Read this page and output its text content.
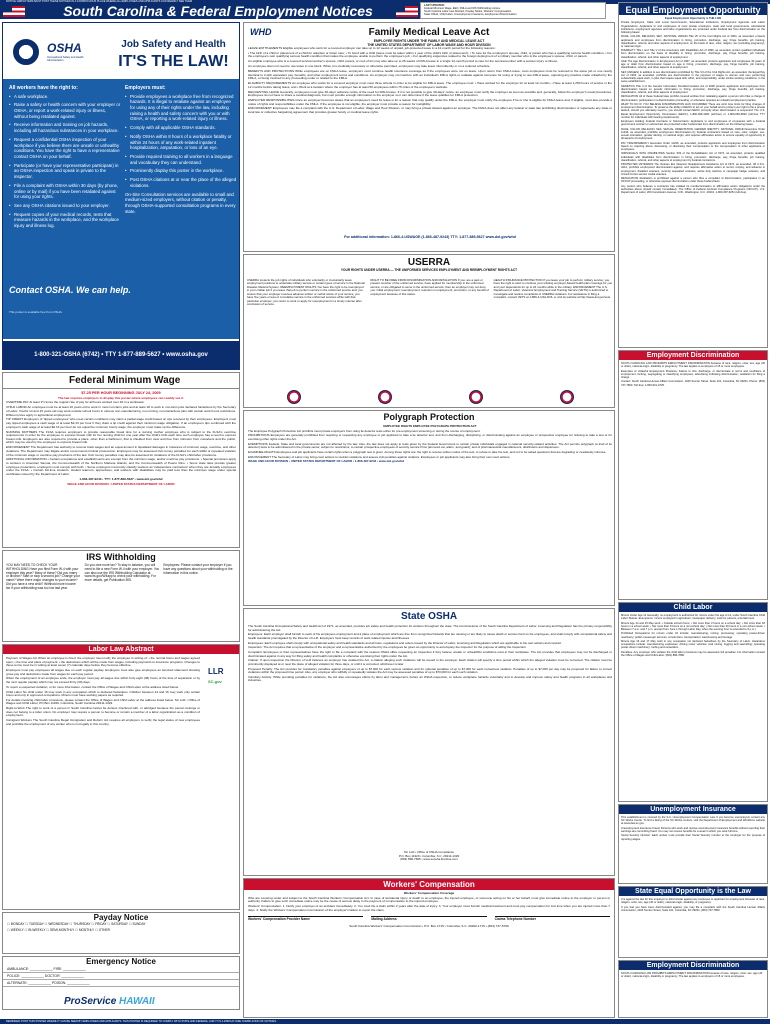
NOTICE: EMPLOYERS MUST POST THESE NOTICES IN A CONSPICUOUS PLACE WHERE ALL EMPLOYEES AND APPLICANTS CAN READILY SEE THEM
South Carolina & Federal Employment Notices	LAST UPDATED:
Federal Minimum Wage, EEO, FMLA and IRS Withholding notices.
South Carolina Labor Law Abstract, Payday Notice, Workers' Compensation.
State OSHA, Child Labor, Unemployment Insurance, Employment Discrimination.
OSHA
Occupational Safety and Health Administration
Job Safety and Health
IT'S THE LAW!
All workers have the right to:
• A safe workplace.
• Raise a safety or health concern with your employer or OSHA, or report a work-related injury or illness, without being retaliated against.
• Receive information and training on job hazards, including all hazardous substances in your workplace.
• Request a confidential OSHA inspection of your workplace if you believe there are unsafe or unhealthy conditions. You have the right to have a representative contact OSHA on your behalf.
• Participate (or have your representative participate) in an OSHA inspection and speak in private to the inspector.
• File a complaint with OSHA within 30 days (by phone, online or by mail) if you have been retaliated against for using your rights.
• See any OSHA citations issued to your employer.
• Request copies of your medical records, tests that measure hazards in the workplace, and the workplace injury and illness log.
Employers must:
• Provide employees a workplace free from recognized hazards. It is illegal to retaliate against an employee for using any of their rights under the law, including raising a health and safety concern with you or with OSHA, or reporting a work-related injury or illness.
• Comply with all applicable OSHA standards.
• Notify OSHA within 8 hours of a workplace fatality or within 24 hours of any work-related inpatient hospitalization, amputation, or loss of an eye.
• Provide required training to all workers in a language and vocabulary they can understand.
• Prominently display this poster in the workplace.
• Post OSHA citations at or near the place of the alleged violations.
On-Site Consultation services are available to small and medium-sized employers, without citation or penalty, through OSHA-supported consultation programs in every state.
This poster is available free from OSHA.
Contact OSHA. We can help.
1-800-321-OSHA (6742) • TTY 1-877-889-5627 • www.osha.gov
WHD	Family Medical Leave Act
EMPLOYEE RIGHTS UNDER THE FAMILY AND MEDICAL LEAVE ACT
THE UNITED STATES DEPARTMENT OF LABOR WAGE AND HOUR DIVISION

LEAVE ENTITLEMENTS Eligible employees who work for a covered employer can take up to 12 weeks of unpaid, job-protected leave in a 12-month period for the following reasons:

• The birth of a child or placement of a child for adoption or foster care; • To bond with a child (leave must be taken within 1 year of the child's birth or placement); • To care for the employee's spouse, child, or parent who has a qualifying serious health condition; • For the employee's own qualifying serious health condition that makes the employee unable to perform the employee's job; • For qualifying exigencies related to the foreign deployment of a military member who is the employee's spouse, child, or parent.

An eligible employee who is a covered servicemember's spouse, child, parent, or next of kin may also take up to 26 weeks of FMLA leave in a single 12-month period to care for the servicemember with a serious injury or illness.

An employee does not need to use leave in one block. When it is medically necessary or otherwise permitted, employees may take leave intermittently or on a reduced schedule.

BENEFITS AND PROTECTIONS While employees are on FMLA leave, employers must continue health insurance coverage as if the employees were not on leave. Upon return from FMLA leave, most employees must be restored to the same job or one nearly identical to it with equivalent pay, benefits, and other employment terms and conditions. An employer may not interfere with an individual's FMLA rights or retaliate against someone for using or trying to use FMLA leave, opposing any practice made unlawful by the FMLA, or being involved in any proceeding under or related to the FMLA.

ELIGIBILITY REQUIREMENTS An employee who works for a covered employer must meet three criteria in order to be eligible for FMLA leave. The employee must: • Have worked for the employer for at least 12 months; • Have at least 1,250 hours of service in the 12 months before taking leave; and • Work at a location where the employer has at least 50 employees within 75 miles of the employee's worksite.

REQUESTING LEAVE Generally, employees must give 30-days' advance notice of the need for FMLA leave. If it is not possible to give 30-days' notice, an employee must notify the employer as soon as possible and, generally, follow the employer's usual procedures. Employees do not have to share a medical diagnosis, but must provide enough information to the employer so it can determine if the leave qualifies for FMLA protection.

EMPLOYER RESPONSIBILITIES Once an employer becomes aware that an employee's need for leave is for a reason that may qualify under the FMLA, the employer must notify the employee if he or she is eligible for FMLA leave and, if eligible, must also provide a notice of rights and responsibilities under the FMLA. If the employee is not eligible, the employer must provide a reason for ineligibility.

ENFORCEMENT Employees may file a complaint with the U.S. Department of Labor, Wage and Hour Division, or may bring a private lawsuit against an employer. The FMLA does not affect any federal or state law prohibiting discrimination or supersede any state or local law or collective bargaining agreement that provides greater family or medical leave rights.

For additional information: 1-866-4-USWAGE (1-866-487-9243) TTY: 1-877-889-5627 www.dol.gov/whd
Equal Employment Opportunity

Equal Employment Opportunity is THE LAW

Private Employers, State and Local Governments, Educational Institutions, Employment Agencies and Labor Organizations: Applicants to and employees of most private employers, state and local governments, educational institutions, employment agencies and labor organizations are protected under Federal law from discrimination on the following bases:

RACE, COLOR, RELIGION, SEX, NATIONAL ORIGIN Title VII of the Civil Rights Act of 1964, as amended, protects applicants and employees from discrimination in hiring, promotion, discharge, pay, fringe benefits, job training, classification, referral, and other aspects of employment, on the basis of race, color, religion, sex (including pregnancy), or national origin.

DISABILITY Title I and Title V of the Americans with Disabilities Act of 1990, as amended, protect qualified individuals from discrimination on the basis of disability in hiring, promotion, discharge, pay, fringe benefits, job training, classification, referral, and other aspects of employment.

AGE The Age Discrimination in Employment Act of 1967, as amended, protects applicants and employees 40 years of age or older from discrimination based on age in hiring, promotion, discharge, pay, fringe benefits, job training, classification, referral, and other aspects of employment.

SEX (WAGES) In addition to sex discrimination prohibited by Title VII of the Civil Rights Act, as amended, the Equal Pay Act of 1963, as amended, prohibits sex discrimination in the payment of wages to women and men performing substantially equal work, in jobs that require equal skill, effort, and responsibility, under similar working conditions, in the same establishment.

GENETICS Title II of the Genetic Information Nondiscrimination Act of 2008 protects applicants and employees from discrimination based on genetic information in hiring, promotion, discharge, pay, fringe benefits, job training, classification, referral, and other aspects of employment.

RETALIATION All of these Federal laws prohibit covered entities from retaliating against a person who files a charge of discrimination, participates in a discrimination proceeding, or otherwise opposes an unlawful employment practice.

WHAT TO DO IF YOU BELIEVE DISCRIMINATION HAS OCCURRED There are strict time limits for filing charges of employment discrimination. To preserve the ability of EEOC to act on your behalf and to protect your right to file a private lawsuit, should you ultimately need to, you should contact EEOC promptly when discrimination is suspected: The U.S. Equal Employment Opportunity Commission (EEOC), 1-800-669-4000 (toll-free) or 1-800-669-6820 (toll-free TTY number for individuals with hearing impairments).

Employers Holding Federal Contracts or Subcontracts: Applicants to and employees of companies with a Federal government contract or subcontract are protected under Federal law from discrimination on the following bases:

RACE, COLOR, RELIGION, SEX, SEXUAL ORIENTATION, GENDER IDENTITY, NATIONAL ORIGIN Executive Order 11246, as amended, prohibits employment discrimination by Federal contractors based on race, color, religion, sex, sexual orientation, gender identity, or national origin, and requires affirmative action to ensure equality of opportunity in all aspects of employment.

PAY TRANSPARENCY Executive Order 11246, as amended, protects applicants and employees from discrimination based on inquiring about, discussing, or disclosing their compensation or the compensation of other applicants or employees.

INDIVIDUALS WITH DISABILITIES Section 503 of the Rehabilitation Act of 1973, as amended, protects qualified individuals with disabilities from discrimination in hiring, promotion, discharge, pay, fringe benefits, job training, classification, referral, and other aspects of employment by Federal contractors.

PROTECTED VETERANS The Vietnam Era Veterans' Readjustment Assistance Act of 1974, as amended, 38 U.S.C. 4212, prohibits employment discrimination against, and requires affirmative action to recruit, employ, and advance in employment, disabled veterans, recently separated veterans, active duty wartime or campaign badge veterans, and Armed Forces service medal veterans.

RETALIATION Retaliation is prohibited against a person who files a complaint of discrimination, participates in an OFCCP proceeding, or otherwise opposes discrimination under these Federal laws.

Any person who believes a contractor has violated its nondiscrimination or affirmative action obligations under the authorities above should contact immediately: The Office of Federal Contract Compliance Programs (OFCCP), U.S. Department of Labor, 200 Constitution Avenue, N.W., Washington, D.C. 20210, 1-800-397-6251 (toll-free).

Federal Minimum Wage

$7.25 PER HOUR BEGINNING JULY 24, 2009

The law requires employers to display this poster where employees can readily see it.

OVERTIME PAY At least 1½ times the regular rate of pay for all hours worked over 40 in a workweek.

CHILD LABOR An employee must be at least 16 years old to work in most non-farm jobs and at least 18 to work in non-farm jobs declared hazardous by the Secretary of Labor. Youths 14 and 15 years old may work outside school hours in various non-manufacturing, non-mining, non-hazardous jobs with certain work hours restrictions. Different rules apply in agricultural employment.

TIP CREDIT Employers of 'tipped employees' who meet certain conditions may claim a partial wage credit based on tips received by their employees. Employers must pay tipped employees a cash wage of at least $2.13 per hour if they claim a tip credit against their minimum wage obligation. If an employee's tips combined with the employer's cash wage of at least $2.13 per hour do not equal the minimum hourly wage, the employer must make up the difference.

NURSING MOTHERS The FLSA requires employers to provide reasonable break time for a nursing mother employee who is subject to the FLSA's overtime requirements in order for the employee to express breast milk for her nursing child for one year after the child's birth each time such employee has a need to express breast milk. Employers are also required to provide a place, other than a bathroom, that is shielded from view and free from intrusion from coworkers and the public, which may be used by the employee to express breast milk.

ENFORCEMENT The Department has authority to recover back wages and an equal amount in liquidated damages in instances of minimum wage, overtime, and other violations. The Department may litigate and/or recommend criminal prosecution. Employers may be assessed civil money penalties for each willful or repeated violation of the minimum wage or overtime pay provisions of the law. Civil money penalties may also be assessed for violations of the FLSA's child labor provisions.

ADDITIONAL INFORMATION • Certain occupations and establishments are exempt from the minimum wage, and/or overtime pay provisions. • Special provisions apply to workers in American Samoa, the Commonwealth of the Northern Mariana Islands, and the Commonwealth of Puerto Rico. • Some state laws provide greater employee protections; employers must comply with both. • Some employers incorrectly classify workers as 'independent contractors' when they are actually employees under the FLSA. • Certain full-time students, student learners, apprentices, and workers with disabilities may be paid less than the minimum wage under special certificates issued by the Department of Labor.

1-866-487-9243 • TTY: 1-877-889-5627 • www.dol.gov/whd

WAGE AND HOUR DIVISION • UNITED STATES DEPARTMENT OF LABOR

IRS Withholding
YOU MAY NEED TO CHECK YOUR WITHHOLDING Have you filed Form W-4 with your employer this year? Many of these? Did you marry or divorce? Start or stop a second job? Change your name? Were there major changes to your income? Did you have a new child? Withhold more income tax if your withholding was too low last year.
Do you owe more tax? To stay in balance, you will need to file a new Form W-4 with your employer. You can also use the IRS Withholding Calculator at www.irs.gov/W4app to check your withholding. For more details, get Publication 505.
Employees: Please contact your employer if you have any questions about your withholding or the information in this notice.
Labor Law Abstract
LLR
SC.gov

Payment of Wages Act When an employee is hired, the employer must notify the employee in writing of: • the normal hours and wages agreed upon; • the time and place of payment; • the deductions which will be made from wages, including payments to insurance programs. Changes to these terms must be in writing at least seven (7) calendar days before they become effective.

Employers must pay employees all wages due on each regular payday. Employers must also give employees an itemized statement showing gross pay and deductions made from wages for each pay period.

When the employment of an employee ends, the employer must pay all wages due within forty-eight (48) hours of the time of separation or by the next regular payday which may not exceed thirty (30) days.

To report a suspected violation, or for more information, contact the Office of Wages and Child Labor at the address listed below.

Child Labor No child under 16 may work in any occupation which is declared hazardous. Children between 14 and 16 may work only certain hours and only in approved occupations. Minors must have working papers as required.

For details involving child labor provisions, please contact the Office of Wages and Child Labor at the address listed below. SC LLR • Office of Wages and Child Labor, PO Box 11329, Columbia, South Carolina 29211-1329.

Right-to-Work The right to work of a person in South Carolina cannot be denied, interfered with, or abridged because the person belongs or does not belong to a labor union. No employer may require a person to become or remain a member of a labor organization as a condition of employment.

Immigrant Workers The South Carolina Illegal Immigration and Reform Act requires all employers to verify the legal status of new employees and prohibits the employment of any worker who is not legally in this country.

Payday Notice
☐ MONDAY ☐ TUESDAY ☐ WEDNESDAY ☐ THURSDAY ☐ FRIDAY ☐ SATURDAY ☐ SUNDAY
☐ WEEKLY ☐ BI-WEEKLY ☐ SEMI-MONTHLY ☐ MONTHLY ☐ OTHER
Emergency Notice
AMBULANCE: ____________ FIRE: ____________
POLICE: ____________ DOCTOR: ____________
ALTERNATE: ____________ POISON: ____________
ProService HAWAII
USERRA
YOUR RIGHTS UNDER USERRA — THE UNIFORMED SERVICES EMPLOYMENT AND REEMPLOYMENT RIGHTS ACT
USERRA protects the job rights of individuals who voluntarily or involuntarily leave employment positions to undertake military service or certain types of service in the National Disaster Medical System. REEMPLOYMENT RIGHTS You have the right to be reemployed in your civilian job if you leave that job to perform service in the uniformed service and: you ensure that your employer receives advance written or verbal notice of your service; you have five years or less of cumulative service in the uniformed services while with that particular employer; you return to work or apply for reemployment in a timely manner after conclusion of service.
RIGHT TO BE FREE FROM DISCRIMINATION AND RETALIATION If you: are a past or present member of the uniformed service; have applied for membership in the uniformed service; or are obligated to serve in the uniformed service; then an employer may not deny you: initial employment; reemployment; retention in employment; promotion; or any benefit of employment because of this status.
HEALTH INSURANCE PROTECTION If you leave your job to perform military service, you have the right to elect to continue your existing employer-based health plan coverage for you and your dependents for up to 24 months while in the military. ENFORCEMENT The U.S. Department of Labor, Veterans' Employment and Training Service (VETS) is authorized to investigate and resolve complaints of USERRA violations. For assistance in filing a complaint, contact VETS at 1-866-4-USA-DOL or visit its website at http://www.dol.gov/vets.
Polygraph Protection

EMPLOYEE RIGHTS EMPLOYEE POLYGRAPH PROTECTION ACT

The Employee Polygraph Protection Act prohibits most private employers from using lie detector tests either for pre-employment screening or during the course of employment.

PROHIBITIONS Employers are generally prohibited from requiring or requesting any employee or job applicant to take a lie detector test, and from discharging, disciplining, or discriminating against an employee or prospective employee for refusing to take a test or for exercising other rights under the Act.

EXEMPTIONS Federal, State and local governments are not affected by the law. Also, the law does not apply to tests given by the Federal Government to certain private individuals engaged in national security-related activities. The Act permits polygraph (a kind of lie detector) tests to be administered in the private sector, subject to restrictions, to certain prospective employees of security service firms (armored car, alarm, and guard), and of pharmaceutical manufacturers, distributors and dispensers.

EXAMINEE RIGHTS Employees and job applicants have certain rights when a polygraph test is given. Among those rights are: the right to receive written notice of the test, to refuse to take the test, and not to be asked questions that are degrading or needlessly intrusive.

ENFORCEMENT The Secretary of Labor may bring court actions to restrain violations and assess civil penalties against violators. Employees or job applicants may also bring their own court actions.

WAGE AND HOUR DIVISION • UNITED STATES DEPARTMENT OF LABOR • 1-866-487-9243 • www.dol.gov/whd

State OSHA

The South Carolina Occupational Safety and Health Act of 1971, as amended, provides job safety and health protection for workers throughout the state. The Commissioner of the South Carolina Department of Labor, Licensing and Regulation has the primary responsibility for administering the Act.

Employers: Each employer shall furnish to each of his employees employment and a place of employment which are free from recognized hazards that are causing or are likely to cause death or serious harm to his employees, and shall comply with occupational safety and health standards promulgated by the Director of LLR. Employers must keep records of work-related injuries and illnesses.

Employees: Each employee shall comply with occupational safety and health standards and all rules, regulations and orders issued by the Director of Labor, Licensing and Regulation which are applicable to his own actions and conduct.

Inspection: The Act requires that a representative of the employer and a representative authorized by the employees be given an opportunity to accompany the inspector for the purpose of aiding the inspection.

Complaint: Employees or their representatives have the right to file a complaint with the nearest OSHA office requesting an inspection if they believe unsafe or unhealthful conditions exist in their workplace. The Act provides that employees may not be discharged or discriminated against in any way for filing safety and health complaints or otherwise exercising their rights under the Act.

Citation: If upon inspection the Director of LLR believes an employer has violated the Act, a citation alleging such violations will be issued to the employer. Each citation will specify a time period within which the alleged violation must be corrected. The citation must be prominently displayed at or near the place of alleged violation for three days, or until it is corrected, whichever is later.

Proposed Penalty: The Act provides for mandatory penalties against employers of up to $7,000 for each serious violation and for optional penalties of up to $7,000 for each nonserious violation. Penalties of up to $7,000 per day may be proposed for failure to correct violations within the proposed time period. Also, any employer who willfully or repeatedly violates the Act may be assessed penalties of up to $70,000 for each such violation.

Voluntary Activity: While providing penalties for violations, the Act also encourages efforts by labor and management, before an OSHA inspection, to reduce workplace hazards voluntarily and to develop and improve safety and health programs in all workplaces and industries.

SC LLR • Office of OSHA Compliance
P.O. Box 11329 • Columbia, S.C. 29211-1329
(803) 896-7665 • www.scosha.llronline.com
Workers' Compensation

Workers' Compensation Coverage

Who are covering under and subject to the South Carolina Workers' Compensation Act. In case of accidental injury or death to an employee, the injured employee, or someone acting on his or her behalf, must give immediate notice to the employer or person in authority. Failure to give such immediate notice may be the cause of serious delay in the payment of compensation to the injured employee.

Workers' Compensation: 1. Notify your employer of an accident immediately. 2. You must file a claim within 2 years after the date of injury. 3. Your employer must furnish medical treatment and must pay compensation for lost time when you are injured more than 7 days. 4. Notify the Workers' Compensation Commission of the employer's failure to report the claim.

Workers' Compensation Provider Name	Mailing Address	Claims Telephone Number

South Carolina Workers' Compensation Commission • P.O. Box 1715 • Columbia, S.C. 29202-1715 • (803) 737-5700

Employment Discrimination

SOUTH CAROLINA LAW PROHIBITS EMPLOYMENT DISCRIMINATION because of race, religion, color, sex, age (40 or older), national origin, disability or pregnancy. The law applies to employers of 15 or more employees.

Examples of Unlawful Employment Practices: Failure to hire, discharge, or discriminate in terms and conditions of employment; limiting, segregating or classifying employees; advertising indicating discrimination; retaliation for filing a charge.

Contact: South Carolina Human Affairs Commission, 1026 Sumter Street, Suite 101, Columbia, SC 29201. Phone: (803) 737-7800. Toll-free: 1-800-521-0725.

Child Labor

Minors Under Age 14 Generally, no employment is authorized for minors under the age of 14, under South Carolina Child Labor Statute. Exemptions: minors employed in agriculture; newspaper delivery; work for parents; entertainment.

Minors Age 14 and 15 May work: • Outside school hours; • Not more than 3 hours on a school day; • Not more than 18 hours in a school week; • Not more than 8 hours on a non-school day; • Not more than 40 hours in a non-school week; • Between 7 a.m. and 7 p.m. (except from June 1 through Labor Day, when the evening hour is extended to 9 p.m.).

Prohibited Occupations for minors under 16 include: manufacturing; mining; processing; operating power-driven machinery; public messenger services; construction; transportation; warehousing and storage.

Minors Age 16 and 17 May work in any occupation not declared hazardous by the Secretary of Labor. Hazardous occupations include: manufacturing explosives; driving motor vehicles; coal mining; logging and sawmilling; operating power-driven machinery; roofing and excavation.

Penalties: Any employer who violates the child labor provisions may be assessed civil penalties. For information contact the Office of Wages and Child Labor: (803) 896-7686.

Unemployment Insurance

This establishment is covered by the S.C. Unemployment Compensation Law. If you become unemployed, contact any SC Works Center. To find a listing of the SC Works centers, visit the Department of Employment and Workforce website at www.dew.sc.gov.

Unemployment Insurance Fraud: Persons who work and receive unemployment insurance benefits without reporting their earnings are committing fraud. You may not receive benefits for a week in which you work full time.

Social Security Number: Each worker must provide their Social Security number to the employer for the purpose of reporting wages.

State Equal Opportunity is the Law

It is against the law for this employer to discriminate against any employee or applicant for employment because of race, religion, color, sex, age (40 or older), national origin, disability, or pregnancy.

If you feel you have been discriminated against, you may file a complaint with the South Carolina Human Affairs Commission, 1026 Sumter Street, Suite 101, Columbia, SC 29201, (803) 737-7800.

Employment Discrimination
SOUTH CAROLINA LAW PROHIBITS EMPLOYMENT DISCRIMINATION because of race, religion, color, sex, age (40 or older), national origin, disability or pregnancy. The law applies to employers of 15 or more employees.
REMINDER: POST THIS POSTER WHERE IT CAN BE SEEN BY EMPLOYEES AND APPLICANTS. THIS POSTER IS REQUIRED TO COMPLY WITH STATE AND FEDERAL LAW. IT IS A DISPLAY-SIZE COMPILATION OF NOTICES.
